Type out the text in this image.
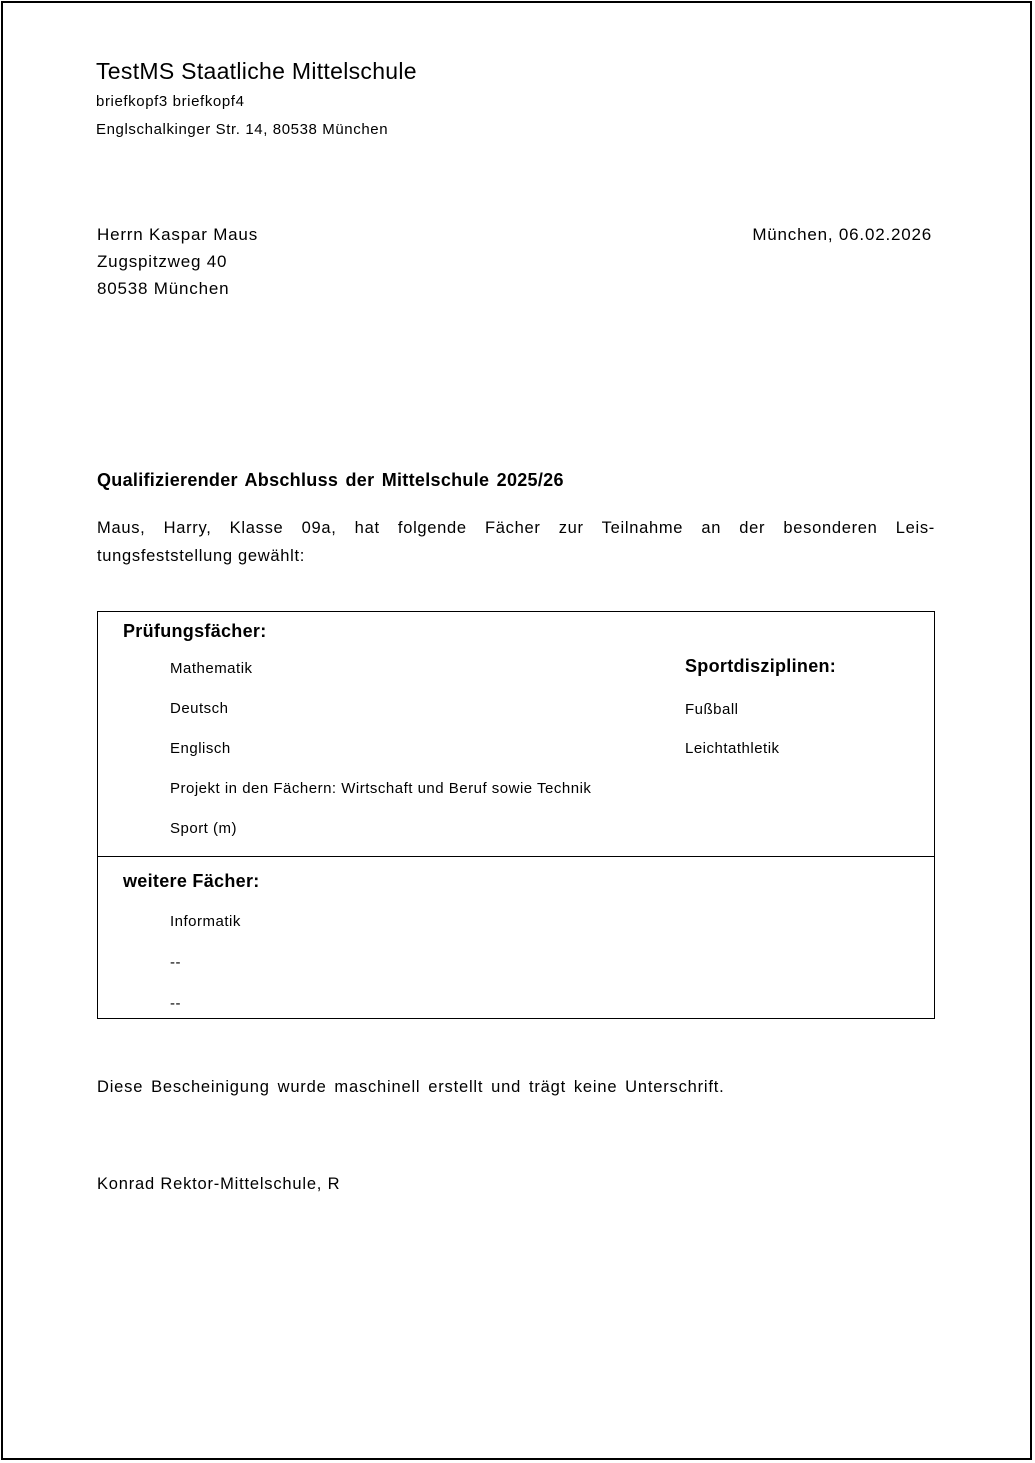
TestMS Staatliche Mittelschule
briefkopf3 briefkopf4
Englschalkinger Str. 14, 80538 München
Herrn Kaspar Maus
Zugspitzweg 40
80538 München
München, 06.02.2026
Qualifizierender Abschluss der Mittelschule 2025/26
Maus, Harry, Klasse 09a, hat folgende Fächer zur Teilnahme an der besonderen Leis-
tungsfeststellung gewählt:
Prüfungsfächer:
Mathematik
Deutsch
Englisch
Projekt in den Fächern: Wirtschaft und Beruf sowie Technik
Sport (m)
Sportdisziplinen:
Fußball
Leichtathletik
weitere Fächer:
Informatik
--
--
Diese Bescheinigung wurde maschinell erstellt und trägt keine Unterschrift.
Konrad Rektor-Mittelschule, R
